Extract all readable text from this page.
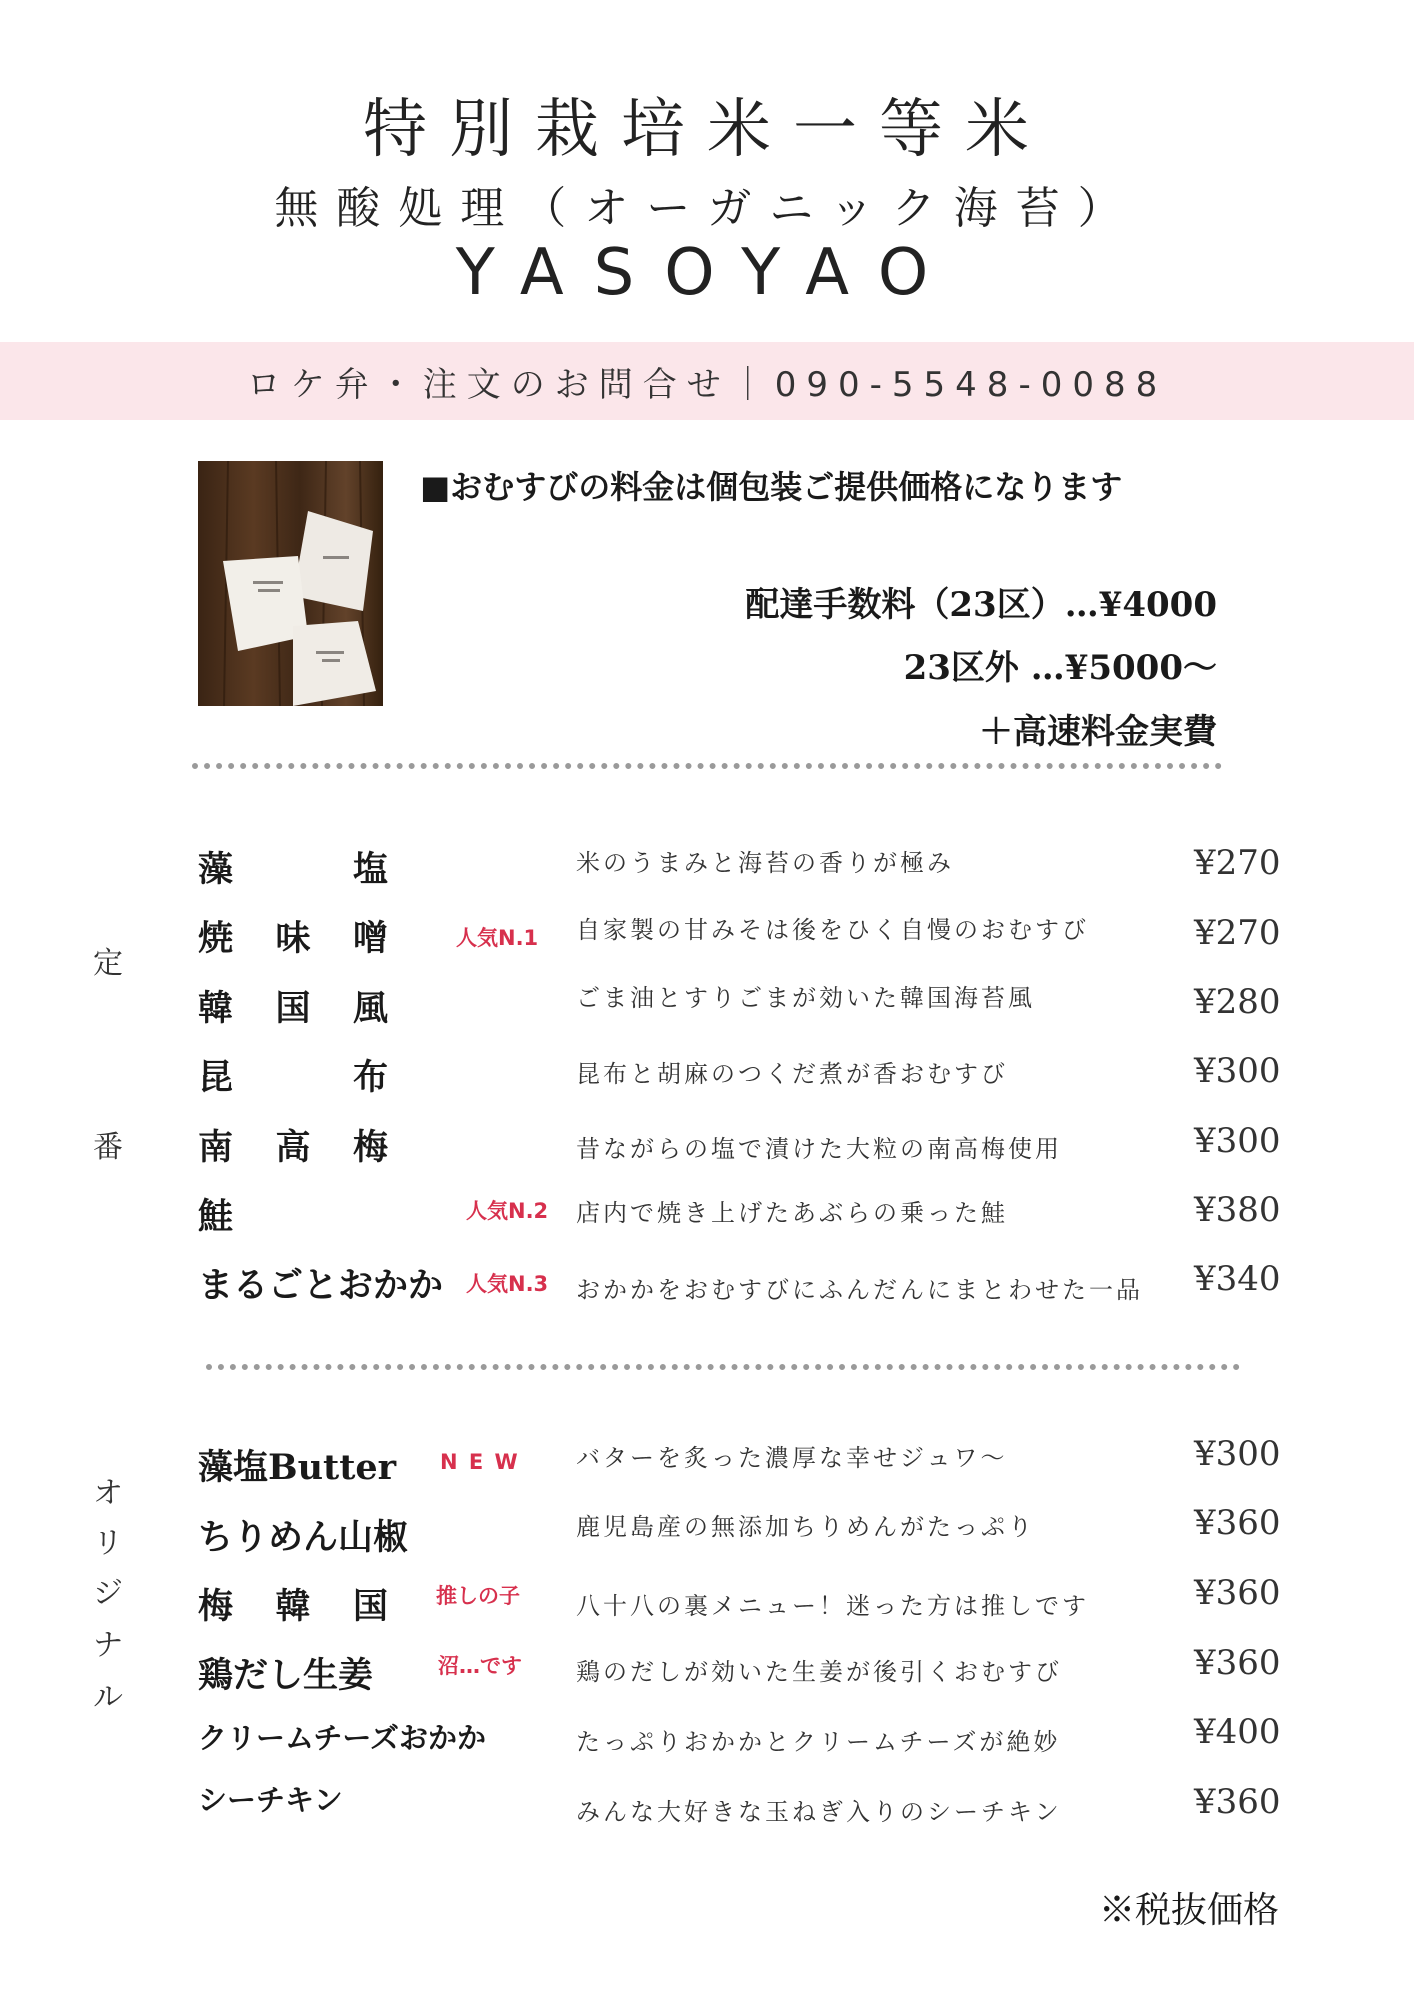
特別栽培米一等米
無酸処理（オーガニック海苔）
YASOYAO
ロケ弁・注文のお問合せ｜090-5548-0088
■おむすびの料金は個包装ご提供価格になります
配達手数料（23区）…¥4000
23区外 …¥5000〜
＋高速料金実費
定
番
オ
リ
ジ
ナ
ル
藻	塩	米のうまみと海苔の香りが極み	¥270
焼 味 噌	人気N.1 自家製の甘みそは後をひく自慢のおむすび	¥270
韓 国 風	ごま油とすりごまが効いた韓国海苔風	¥280
昆	布	昆布と胡麻のつくだ煮が香おむすび	¥300
南 高 梅	昔ながらの塩で漬けた大粒の南高梅使用	¥300
鮭	人気N.2 店内で焼き上げたあぶらの乗った鮭	¥380
まるごとおかか 人気N.3 おかかをおむすびにふんだんにまとわせた一品 ¥340
藻塩Butter N E W バターを炙った濃厚な幸せジュワ〜	¥300
ちりめん山椒	鹿児島産の無添加ちりめんがたっぷり	¥360
梅 韓 国 推しの子 八十八の裏メニュー！迷った方は推しです	¥360
鶏だし生姜	沼…です 鶏のだしが効いた生姜が後引くおむすび	¥360
クリームチーズおかか	たっぷりおかかとクリームチーズが絶妙	¥400
シーチキン	みんな大好きな玉ねぎ入りのシーチキン	¥360
※税抜価格
